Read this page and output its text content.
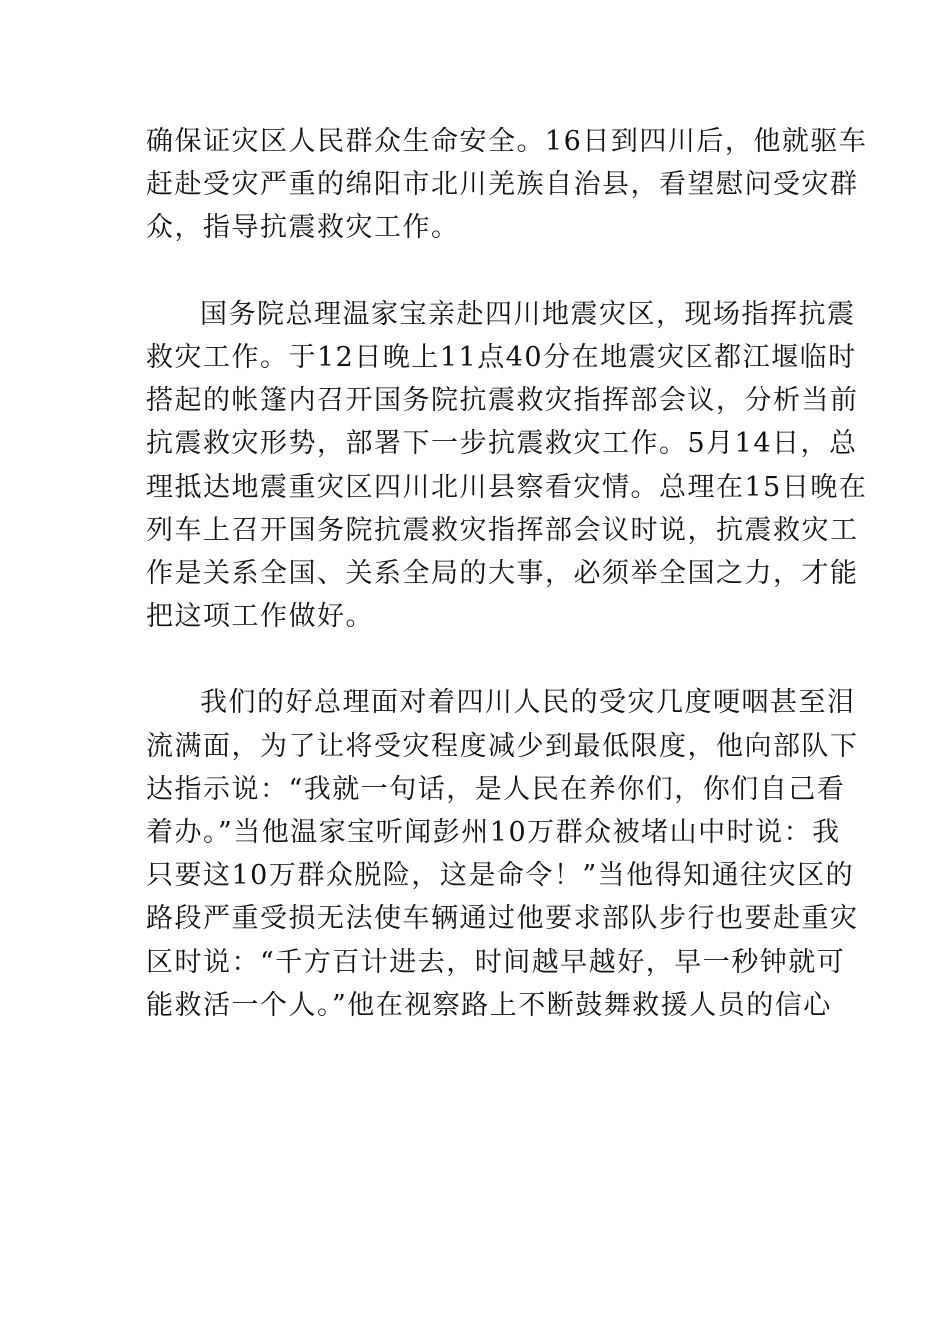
确保证灾区人民群众生命安全。16日到四川后，他就驱车
赶赴受灾严重的绵阳市北川羌族自治县，看望慰问受灾群
众，指导抗震救灾工作。
国务院总理温家宝亲赴四川地震灾区，现场指挥抗震
救灾工作。于12日晚上11点40分在地震灾区都江堰临时
搭起的帐篷内召开国务院抗震救灾指挥部会议，分析当前
抗震救灾形势，部署下一步抗震救灾工作。5月14日，总
理抵达地震重灾区四川北川县察看灾情。总理在15日晚在
列车上召开国务院抗震救灾指挥部会议时说，抗震救灾工
作是关系全国、关系全局的大事，必须举全国之力，才能
把这项工作做好。
我们的好总理面对着四川人民的受灾几度哽咽甚至泪
流满面，为了让将受灾程度减少到最低限度，他向部队下
达指示说：“我就一句话，是人民在养你们，你们自己看
着办。”当他温家宝听闻彭州10万群众被堵山中时说：我
只要这10万群众脱险，这是命令！”当他得知通往灾区的
路段严重受损无法使车辆通过他要求部队步行也要赴重灾
区时说：“千方百计进去，时间越早越好，早一秒钟就可
能救活一个人。”他在视察路上不断鼓舞救援人员的信心
